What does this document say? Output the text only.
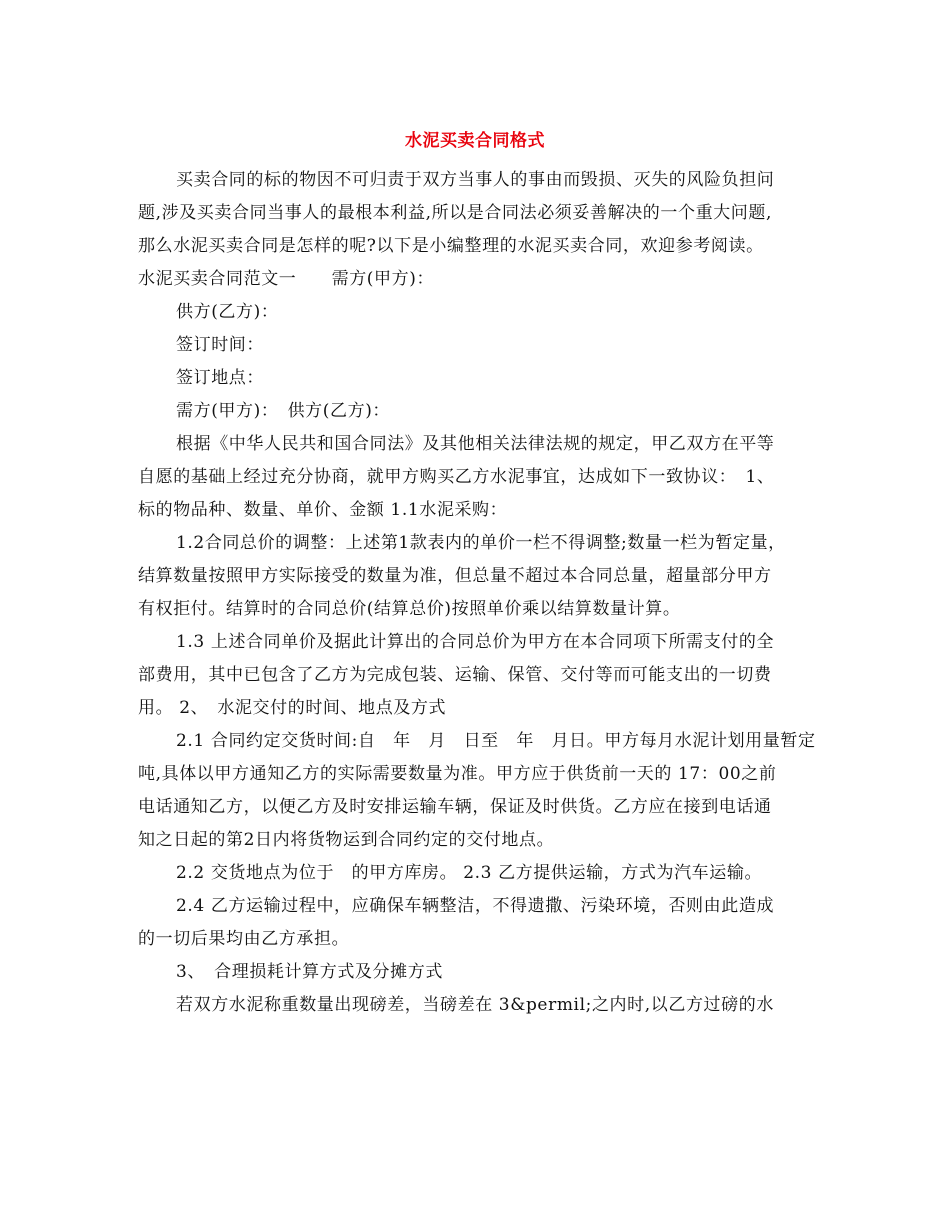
水泥买卖合同格式
买卖合同的标的物因不可归责于双方当事人的事由而毁损、灭失的风险负担问
题,涉及买卖合同当事人的最根本利益,所以是合同法必须妥善解决的一个重大问题,
那么水泥买卖合同是怎样的呢?以下是小编整理的水泥买卖合同，欢迎参考阅读。
水泥买卖合同范文一　　需方(甲方)：
供方(乙方)：
签订时间：
签订地点：
需方(甲方)：　供方(乙方)：
根据《中华人民共和国合同法》及其他相关法律法规的规定，甲乙双方在平等
自愿的基础上经过充分协商，就甲方购买乙方水泥事宜，达成如下一致协议：　1、
标的物品种、数量、单价、金额 1.1水泥采购：
1.2合同总价的调整：上述第1款表内的单价一栏不得调整;数量一栏为暂定量，
结算数量按照甲方实际接受的数量为准，但总量不超过本合同总量，超量部分甲方
有权拒付。结算时的合同总价(结算总价)按照单价乘以结算数量计算。
1.3 上述合同单价及据此计算出的合同总价为甲方在本合同项下所需支付的全
部费用，其中已包含了乙方为完成包装、运输、保管、交付等而可能支出的一切费
用。 2、　水泥交付的时间、地点及方式
2.1 合同约定交货时间:自　年　月　日至　年　月日。甲方每月水泥计划用量暂定
吨,具体以甲方通知乙方的实际需要数量为准。甲方应于供货前一天的 17：00之前
电话通知乙方，以便乙方及时安排运输车辆，保证及时供货。乙方应在接到电话通
知之日起的第2日内将货物运到合同约定的交付地点。
2.2 交货地点为位于　的甲方库房。 2.3 乙方提供运输，方式为汽车运输。
2.4 乙方运输过程中，应确保车辆整洁，不得遗撒、污染环境，否则由此造成
的一切后果均由乙方承担。
3、　合理损耗计算方式及分摊方式
若双方水泥称重数量出现磅差，当磅差在 3&permil;之内时,以乙方过磅的水
